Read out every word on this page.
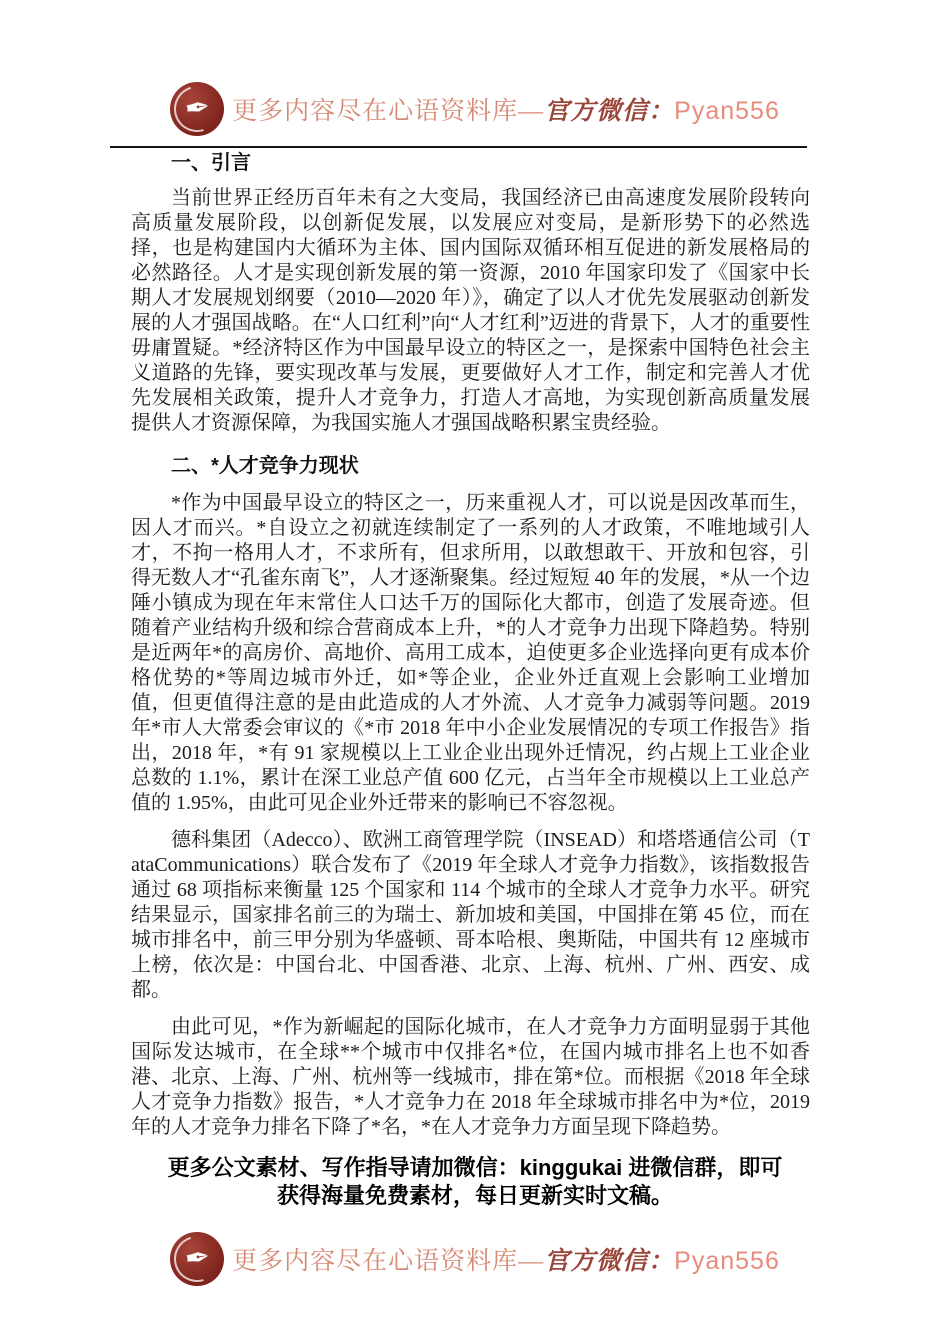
✒ 更多内容尽在心语资料库—官方微信：Pyan556
一、引言

当前世界正经历百年未有之大变局，我国经济已由高速度发展阶段转向高质量发展阶段，以创新促发展，以发展应对变局，是新形势下的必然选择，也是构建国内大循环为主体、国内国际双循环相互促进的新发展格局的必然路径。人才是实现创新发展的第一资源，2010 年国家印发了《国家中长期人才发展规划纲要（2010—2020 年）》，确定了以人才优先发展驱动创新发展的人才强国战略。在“人口红利”向“人才红利”迈进的背景下，人才的重要性毋庸置疑。*经济特区作为中国最早设立的特区之一，是探索中国特色社会主义道路的先锋，要实现改革与发展，更要做好人才工作，制定和完善人才优先发展相关政策，提升人才竞争力，打造人才高地，为实现创新高质量发展提供人才资源保障，为我国实施人才强国战略积累宝贵经验。

二、*人才竞争力现状

*作为中国最早设立的特区之一，历来重视人才，可以说是因改革而生，因人才而兴。*自设立之初就连续制定了一系列的人才政策，不唯地域引人才，不拘一格用人才，不求所有，但求所用，以敢想敢干、开放和包容，引得无数人才“孔雀东南飞”，人才逐渐聚集。经过短短 40 年的发展，*从一个边陲小镇成为现在年末常住人口达千万的国际化大都市，创造了发展奇迹。但随着产业结构升级和综合营商成本上升，*的人才竞争力出现下降趋势。特别是近两年*的高房价、高地价、高用工成本，迫使更多企业选择向更有成本价格优势的*等周边城市外迁，如*等企业，企业外迁直观上会影响工业增加值，但更值得注意的是由此造成的人才外流、人才竞争力减弱等问题。2019 年*市人大常委会审议的《*市 2018 年中小企业发展情况的专项工作报告》指出，2018 年，*有 91 家规模以上工业企业出现外迁情况，约占规上工业企业总数的 1.1%，累计在深工业总产值 600 亿元，占当年全市规模以上工业总产值的 1.95%，由此可见企业外迁带来的影响已不容忽视。

德科集团（Adecco）、欧洲工商管理学院（INSEAD）和塔塔通信公司（TataCommunications）联合发布了《2019 年全球人才竞争力指数》，该指数报告通过 68 项指标来衡量 125 个国家和 114 个城市的全球人才竞争力水平。研究结果显示，国家排名前三的为瑞士、新加坡和美国，中国排在第 45 位，而在城市排名中，前三甲分别为华盛顿、哥本哈根、奥斯陆，中国共有 12 座城市上榜，依次是：中国台北、中国香港、北京、上海、杭州、广州、西安、成都。

由此可见，*作为新崛起的国际化城市，在人才竞争力方面明显弱于其他国际发达城市，在全球**个城市中仅排名*位，在国内城市排名上也不如香港、北京、上海、广州、杭州等一线城市，排在第*位。而根据《2018 年全球人才竞争力指数》报告，*人才竞争力在 2018 年全球城市排名中为*位，2019 年的人才竞争力排名下降了*名，*在人才竞争力方面呈现下降趋势。

更多公文素材、写作指导请加微信：kinggukai 进微信群，即可
获得海量免费素材，每日更新实时文稿。
✒ 更多内容尽在心语资料库—官方微信：Pyan556
